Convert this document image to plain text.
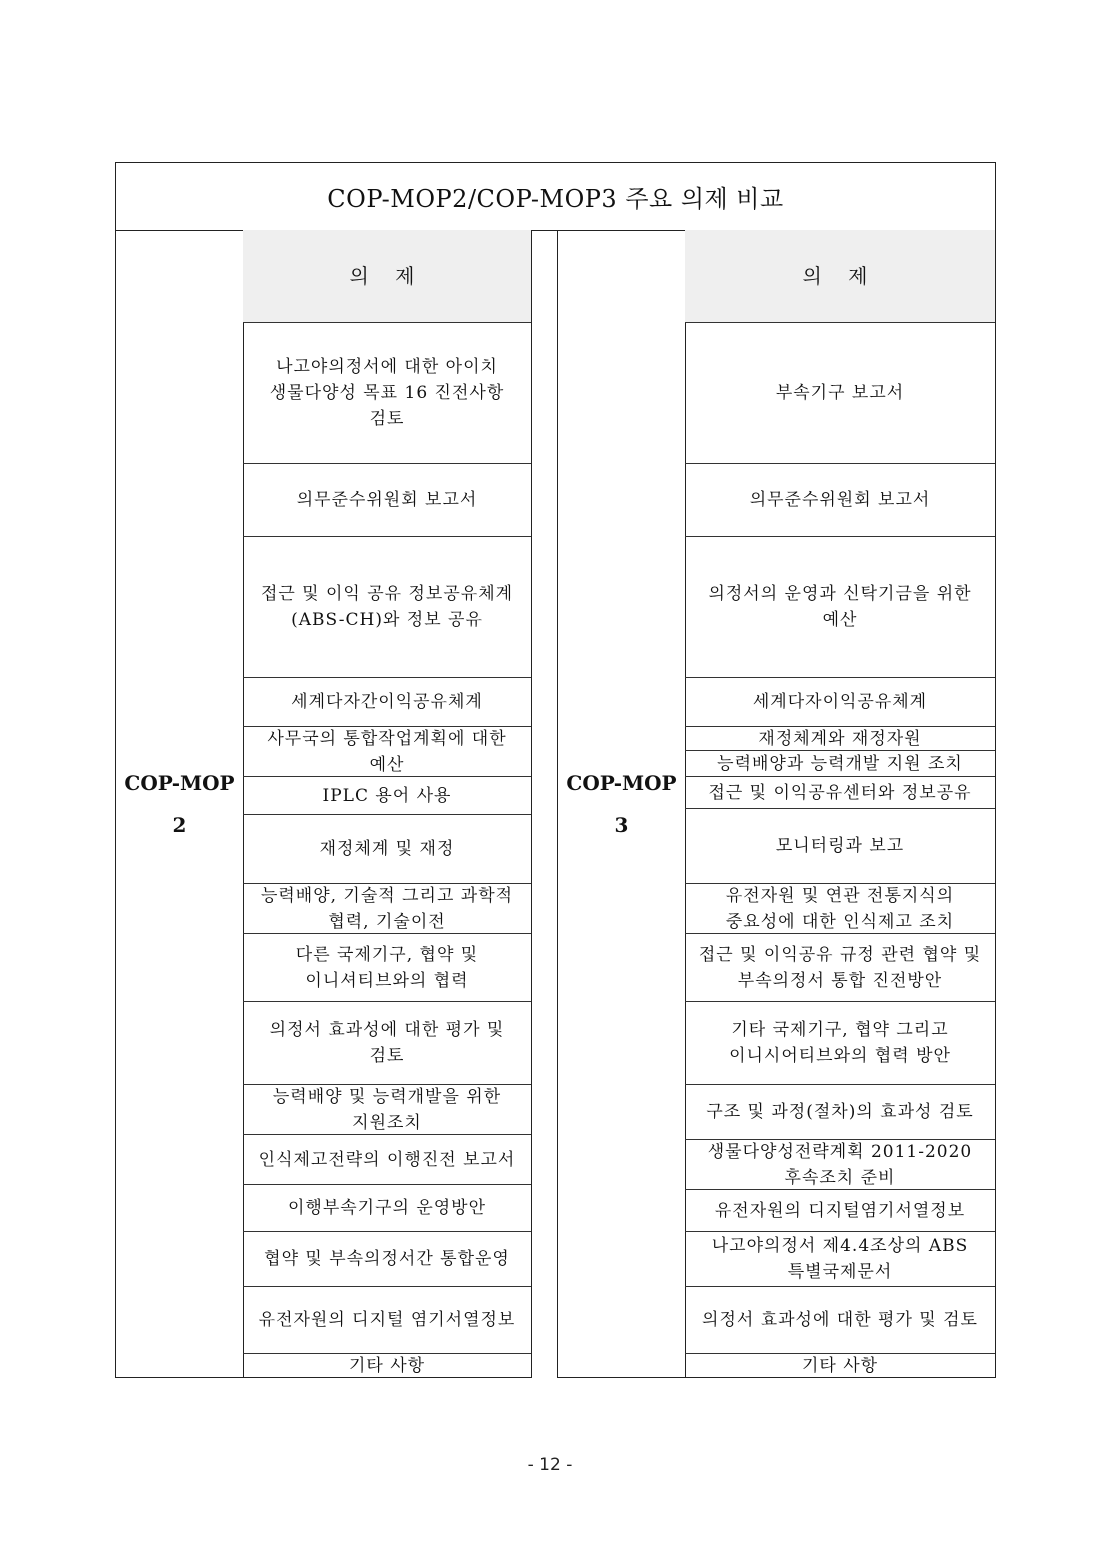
COP-MOP2/COP-MOP3 주요 의제 비교
COP-MOP
2
의 제
나고야의정서에 대한 아이치 생물다양성 목표 16 진전사항 검토
의무준수위원회 보고서
접근 및 이익 공유 정보공유체계(ABS-CH)와 정보 공유
세계다자간이익공유체계
사무국의 통합작업계획에 대한 예산
IPLC 용어 사용
재정체계 및 재정
능력배양, 기술적 그리고 과학적 협력, 기술이전
다른 국제기구, 협약 및 이니셔티브와의 협력
의정서 효과성에 대한 평가 및 검토
능력배양 및 능력개발을 위한 지원조치
인식제고전략의 이행진전 보고서
이행부속기구의 운영방안
협약 및 부속의정서간 통합운영
유전자원의 디지털 염기서열정보
기타 사항
COP-MOP
3
의 제
부속기구 보고서
의무준수위원회 보고서
의정서의 운영과 신탁기금을 위한 예산
세계다자이익공유체계
재정체계와 재정자원
능력배양과 능력개발 지원 조치
접근 및 이익공유센터와 정보공유
모니터링과 보고
유전자원 및 연관 전통지식의 중요성에 대한 인식제고 조치
접근 및 이익공유 규정 관련 협약 및 부속의정서 통합 진전방안
기타 국제기구, 협약 그리고 이니시어티브와의 협력 방안
구조 및 과정(절차)의 효과성 검토
생물다양성전략계획 2011-2020 후속조치 준비
유전자원의 디지털염기서열정보
나고야의정서 제4.4조상의 ABS 특별국제문서
의정서 효과성에 대한 평가 및 검토
기타 사항
- 12 -
